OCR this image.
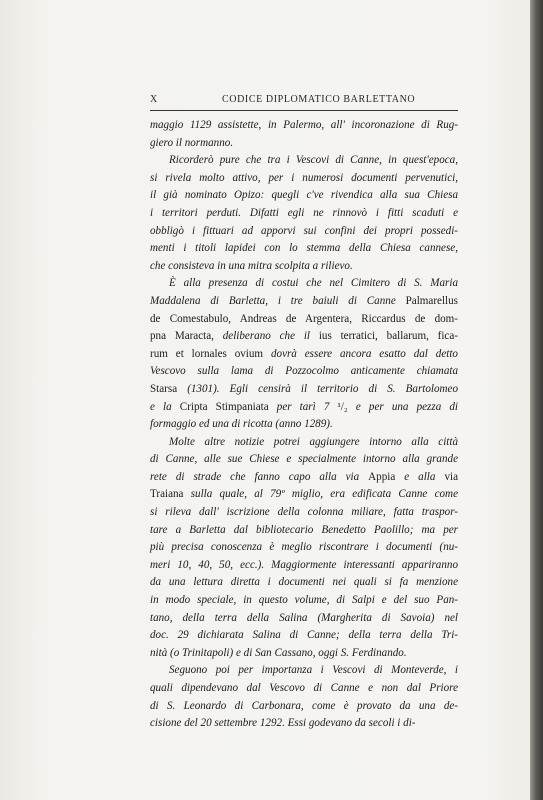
X	CODICE DIPLOMATICO BARLETTANO
maggio 1129 assistette, in Palermo, all' incoronazione di Rug-
giero il normanno.
Ricorderò pure che tra i Vescovi di Canne, in quest'epoca,
si rivela molto attivo, per i numerosi documenti pervenutici,
il già nominato Opizo: quegli c've rivendica alla sua Chiesa
i territori perduti. Difatti egli ne rinnovò i fitti scaduti e
obbligò i fittuari ad apporvi sui confini dei propri possedi-
menti i titoli lapidei con lo stemma della Chiesa cannese,
che consisteva in una mitra scolpita a rilievo.
È alla presenza di costui che nel Cimitero di S. Maria
Maddalena di Barletta, i tre baiuli di Canne Palmarellus
de Comestabulo, Andreas de Argentera, Riccardus de dom-
pna Maracta, deliberano che il ius terratici, ballarum, fica-
rum et lornales ovium dovrà essere ancora esatto dal detto
Vescovo sulla lama di Pozzocolmo anticamente chiamata
Starsa (1301). Egli censirà il territorio di S. Bartolomeo
e la Cripta Stimpaniata per tarì 7 ¹/₂ e per una pezza di
formaggio ed una di ricotta (anno 1289).
Molte altre notizie potrei aggiungere intorno alla città
di Canne, alle sue Chiese e specialmente intorno alla grande
rete di strade che fanno capo alla via Appia e alla via
Traiana sulla quale, al 79º miglio, era edificata Canne come
si rileva dall' iscrizione della colonna miliare, fatta traspor-
tare a Barletta dal bibliotecario Benedetto Paolillo; ma per
più precisa conoscenza è meglio riscontrare i documenti (nu-
meri 10, 40, 50, ecc.). Maggiormente interessanti appariranno
da una lettura diretta i documenti nei quali si fa menzione
in modo speciale, in questo volume, di Salpi e del suo Pan-
tano, della terra della Salina (Margherita di Savoia) nel
doc. 29 dichiarata Salina di Canne; della terra della Tri-
nità (o Trinitapoli) e di San Cassano, oggi S. Ferdinando.
Seguono poi per importanza i Vescovi di Monteverde, i
quali dipendevano dal Vescovo di Canne e non dal Priore
di S. Leonardo di Carbonara, come è provato da una de-
cisione del 20 settembre 1292. Essi godevano da secoli i di-
